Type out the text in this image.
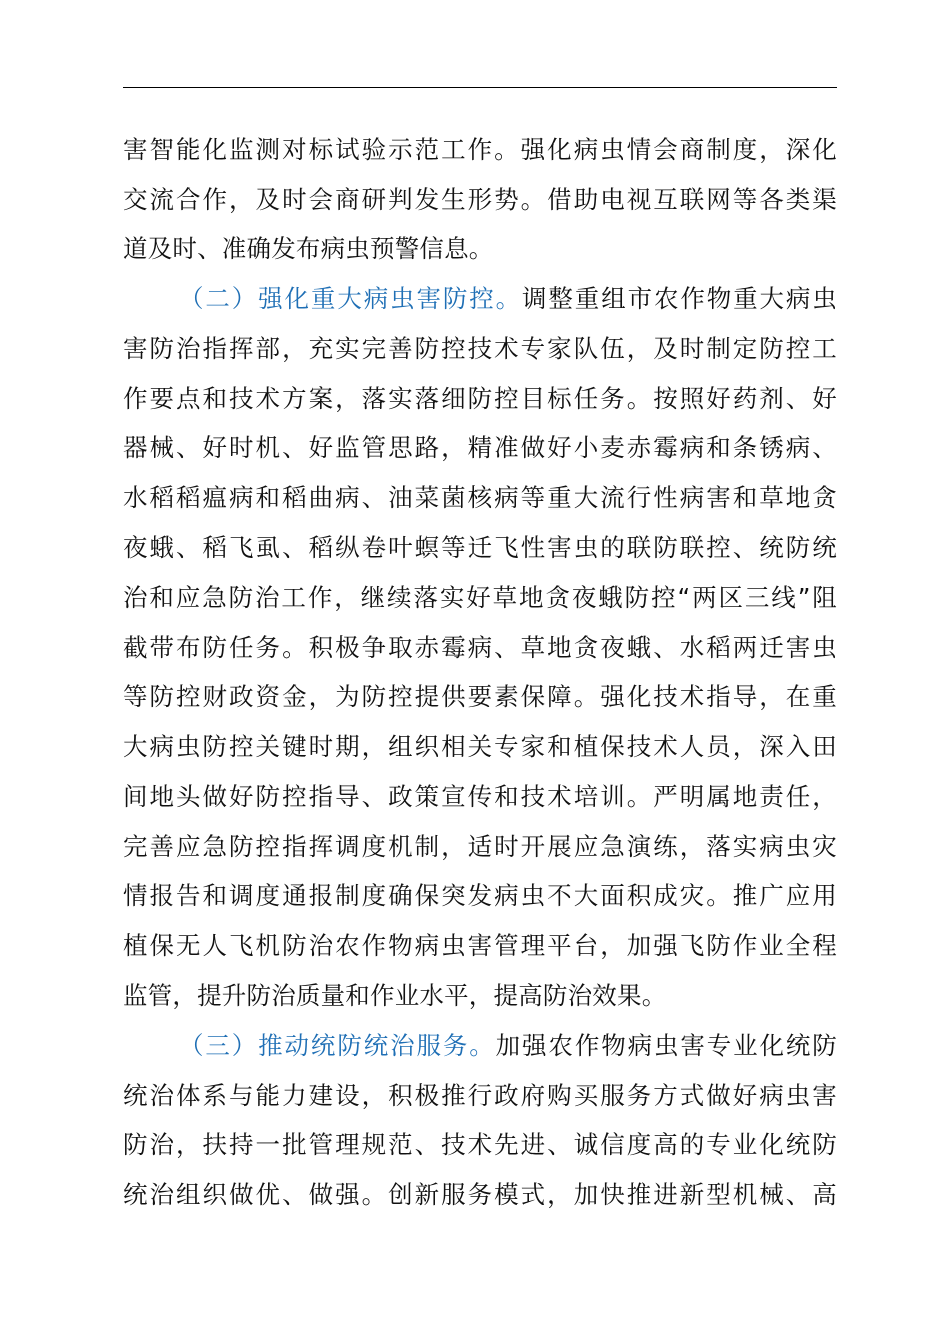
害智能化监测对标试验示范工作。强化病虫情会商制度，深化
交流合作，及时会商研判发生形势。借助电视互联网等各类渠
道及时、准确发布病虫预警信息。
（二）强化重大病虫害防控。调整重组市农作物重大病虫
害防治指挥部，充实完善防控技术专家队伍，及时制定防控工
作要点和技术方案，落实落细防控目标任务。按照好药剂、好
器械、好时机、好监管思路，精准做好小麦赤霉病和条锈病、
水稻稻瘟病和稻曲病、油菜菌核病等重大流行性病害和草地贪
夜蛾、稻飞虱、稻纵卷叶螟等迁飞性害虫的联防联控、统防统
治和应急防治工作，继续落实好草地贪夜蛾防控“两区三线”阻
截带布防任务。积极争取赤霉病、草地贪夜蛾、水稻两迁害虫
等防控财政资金，为防控提供要素保障。强化技术指导，在重
大病虫防控关键时期，组织相关专家和植保技术人员，深入田
间地头做好防控指导、政策宣传和技术培训。严明属地责任，
完善应急防控指挥调度机制，适时开展应急演练，落实病虫灾
情报告和调度通报制度确保突发病虫不大面积成灾。推广应用
植保无人飞机防治农作物病虫害管理平台，加强飞防作业全程
监管，提升防治质量和作业水平，提高防治效果。
（三）推动统防统治服务。加强农作物病虫害专业化统防
统治体系与能力建设，积极推行政府购买服务方式做好病虫害
防治，扶持一批管理规范、技术先进、诚信度高的专业化统防
统治组织做优、做强。创新服务模式，加快推进新型机械、高
